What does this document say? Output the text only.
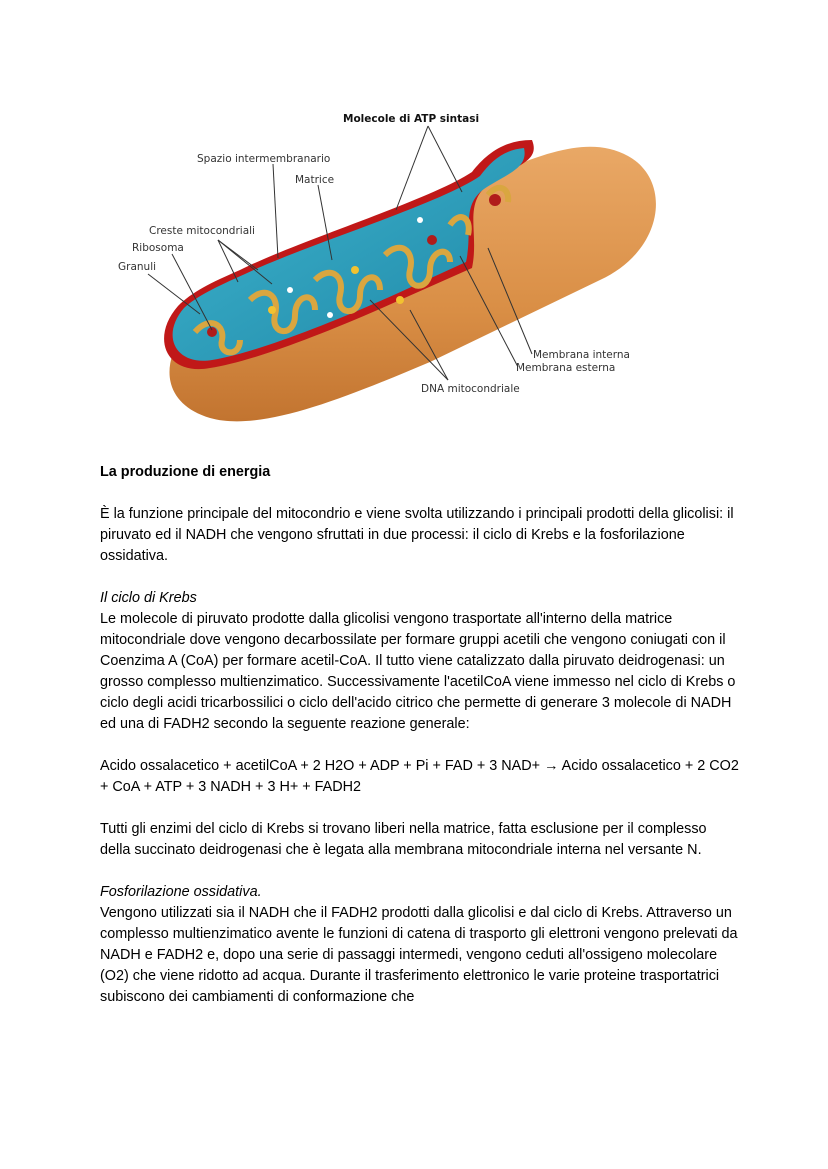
Molecole di ATP sintasi
Spazio intermembranario
Matrice
Creste mitocondriali
Ribosoma
Granuli
Membrana interna
Membrana esterna
DNA mitocondriale

La produzione di energia

È la funzione principale del mitocondrio e viene svolta utilizzando i principali prodotti della glicolisi: il piruvato ed il NADH che vengono sfruttati in due processi: il ciclo di Krebs e la fosforilazione ossidativa.

Il ciclo di Krebs
Le molecole di piruvato prodotte dalla glicolisi vengono trasportate all'interno della matrice mitocondriale dove vengono decarbossilate per formare gruppi acetili che vengono coniugati con il Coenzima A (CoA) per formare acetil-CoA. Il tutto viene catalizzato dalla piruvato deidrogenasi: un grosso complesso multienzimatico. Successivamente l'acetilCoA viene immesso nel ciclo di Krebs o ciclo degli acidi tricarbossilici o ciclo dell'acido citrico che permette di generare 3 molecole di NADH ed una di FADH2 secondo la seguente reazione generale:

Acido ossalacetico + acetilCoA + 2 H2O + ADP + Pi + FAD + 3 NAD+ → Acido ossalacetico + 2 CO2 + CoA + ATP + 3 NADH + 3 H+ + FADH2

Tutti gli enzimi del ciclo di Krebs si trovano liberi nella matrice, fatta esclusione per il complesso della succinato deidrogenasi che è legata alla membrana mitocondriale interna nel versante N.

Fosforilazione ossidativa.
Vengono utilizzati sia il NADH che il FADH2 prodotti dalla glicolisi e dal ciclo di Krebs. Attraverso un complesso multienzimatico avente le funzioni di catena di trasporto gli elettroni vengono prelevati da NADH e FADH2 e, dopo una serie di passaggi intermedi, vengono ceduti all'ossigeno molecolare (O2) che viene ridotto ad acqua. Durante il trasferimento elettronico le varie proteine trasportatrici subiscono dei cambiamenti di conformazione che
